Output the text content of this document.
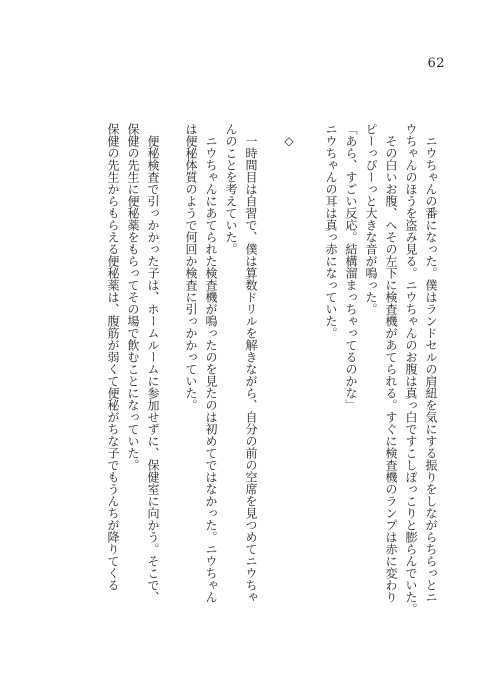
62
ニウちゃんの番になった。僕はランドセルの肩紐を気にする振りをしながらちらっとニ
ウちゃんのほうを盗み見る。ニウちゃんのお腹は真っ白ですこしぽっこりと膨らんでいた。
その白いお腹、へその左下に検査機があてられる。すぐに検査機のランプは赤に変わり
ピーっぴーっと大きな音が鳴った。
「あら、すごい反応。結構溜まっちゃってるのかな」
ニウちゃんの耳は真っ赤になっていた。
◇
一時間目は自習で、僕は算数ドリルを解きながら、自分の前の空席を見つめてニウちゃ
んのことを考えていた。
ニウちゃんにあてられた検査機が鳴ったのを見たのは初めてではなかった。ニウちゃん
は便秘体質のようで何回か検査に引っかかっていた。
便秘検査で引っかかった子は、ホームルームに参加せずに、保健室に向かう。そこで、
保健の先生に便秘薬をもらってその場で飲むことになっていた。
保健の先生からもらえる便秘薬は、腹筋が弱くて便秘がちな子でもうんちが降りてくる
